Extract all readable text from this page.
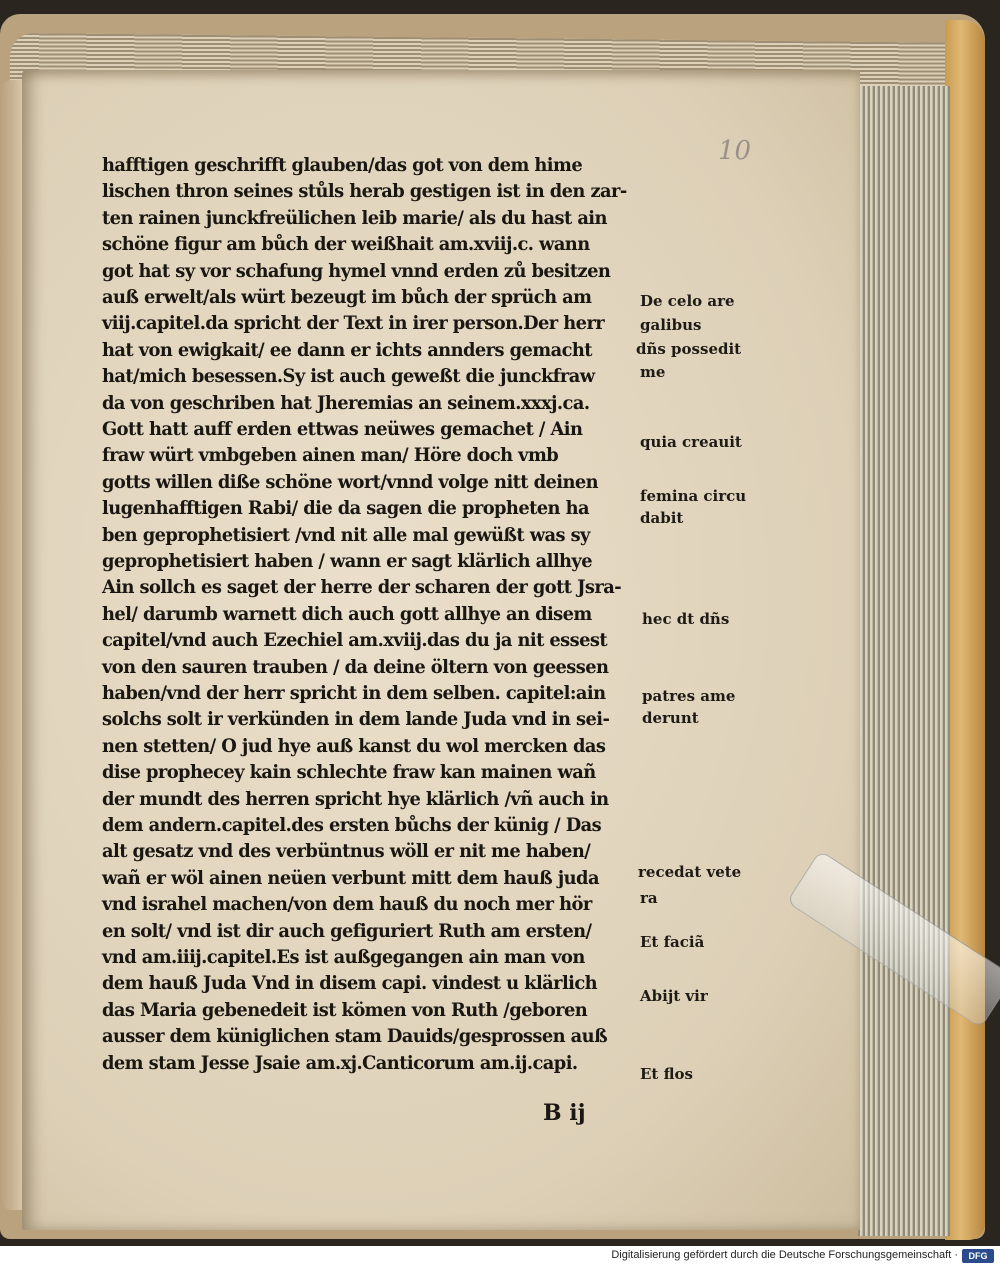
10
hafftigen geschrifft glauben/das got von dem hime
lischen thron seines stůls herab gestigen ist in den zar-
ten rainen junckfreülichen leib marie/ als du hast ain
schöne figur am bůch der weißhait am.xviij.c. wann
got hat sy vor schafung hymel vnnd erden zů besitzen
auß erwelt/als würt bezeugt im bůch der sprüch am
viij.capitel.da spricht der Text in irer person.Der herr
hat von ewigkait/ ee dann er ichts annders gemacht
hat/mich besessen.Sy ist auch geweßt die junckfraw
da von geschriben hat Jheremias an seinem.xxxj.ca.
Gott hatt auff erden ettwas neüwes gemachet / Ain
fraw würt vmbgeben ainen man/ Höre doch vmb
gotts willen diße schöne wort/vnnd volge nitt deinen
lugenhafftigen Rabi/ die da sagen die propheten ha
ben geprophetisiert /vnd nit alle mal gewüßt was sy
geprophetisiert haben / wann er sagt klärlich allhye
Ain sollch es saget der herre der scharen der gott Jsra-
hel/ darumb warnett dich auch gott allhye an disem
capitel/vnd auch Ezechiel am.xviij.das du ja nit essest
von den sauren trauben / da deine öltern von geessen
haben/vnd der herr spricht in dem selben. capitel:ain
solchs solt ir verkünden in dem lande Juda vnd in sei-
nen stetten/ O jud hye auß kanst du wol mercken das
dise prophecey kain schlechte fraw kan mainen wañ
der mundt des herren spricht hye klärlich /vñ auch in
dem andern.capitel.des ersten bůchs der künig / Das
alt gesatz vnd des verbüntnus wöll er nit me haben/
wañ er wöl ainen neüen verbunt mitt dem hauß juda
vnd israhel machen/von dem hauß du noch mer hör
en solt/ vnd ist dir auch gefiguriert Ruth am ersten/
vnd am.iiij.capitel.Es ist außgegangen ain man von
dem hauß Juda Vnd in disem capi. vindest u klärlich
das Maria gebenedeit ist kömen von Ruth /geboren
ausser dem küniglichen stam Dauids/gesprossen auß
dem stam Jesse Jsaie am.xj.Canticorum am.ij.capi.
B ij
De celo are
galibus
dñs possedit
me
quia creauit
femina circu
dabit
hec dt dñs
patres ame
derunt
recedat vete
ra
Et faciã
Abijt vir
Et flos
Digitalisierung gefördert durch die Deutsche Forschungsgemeinschaft ·	DFG
